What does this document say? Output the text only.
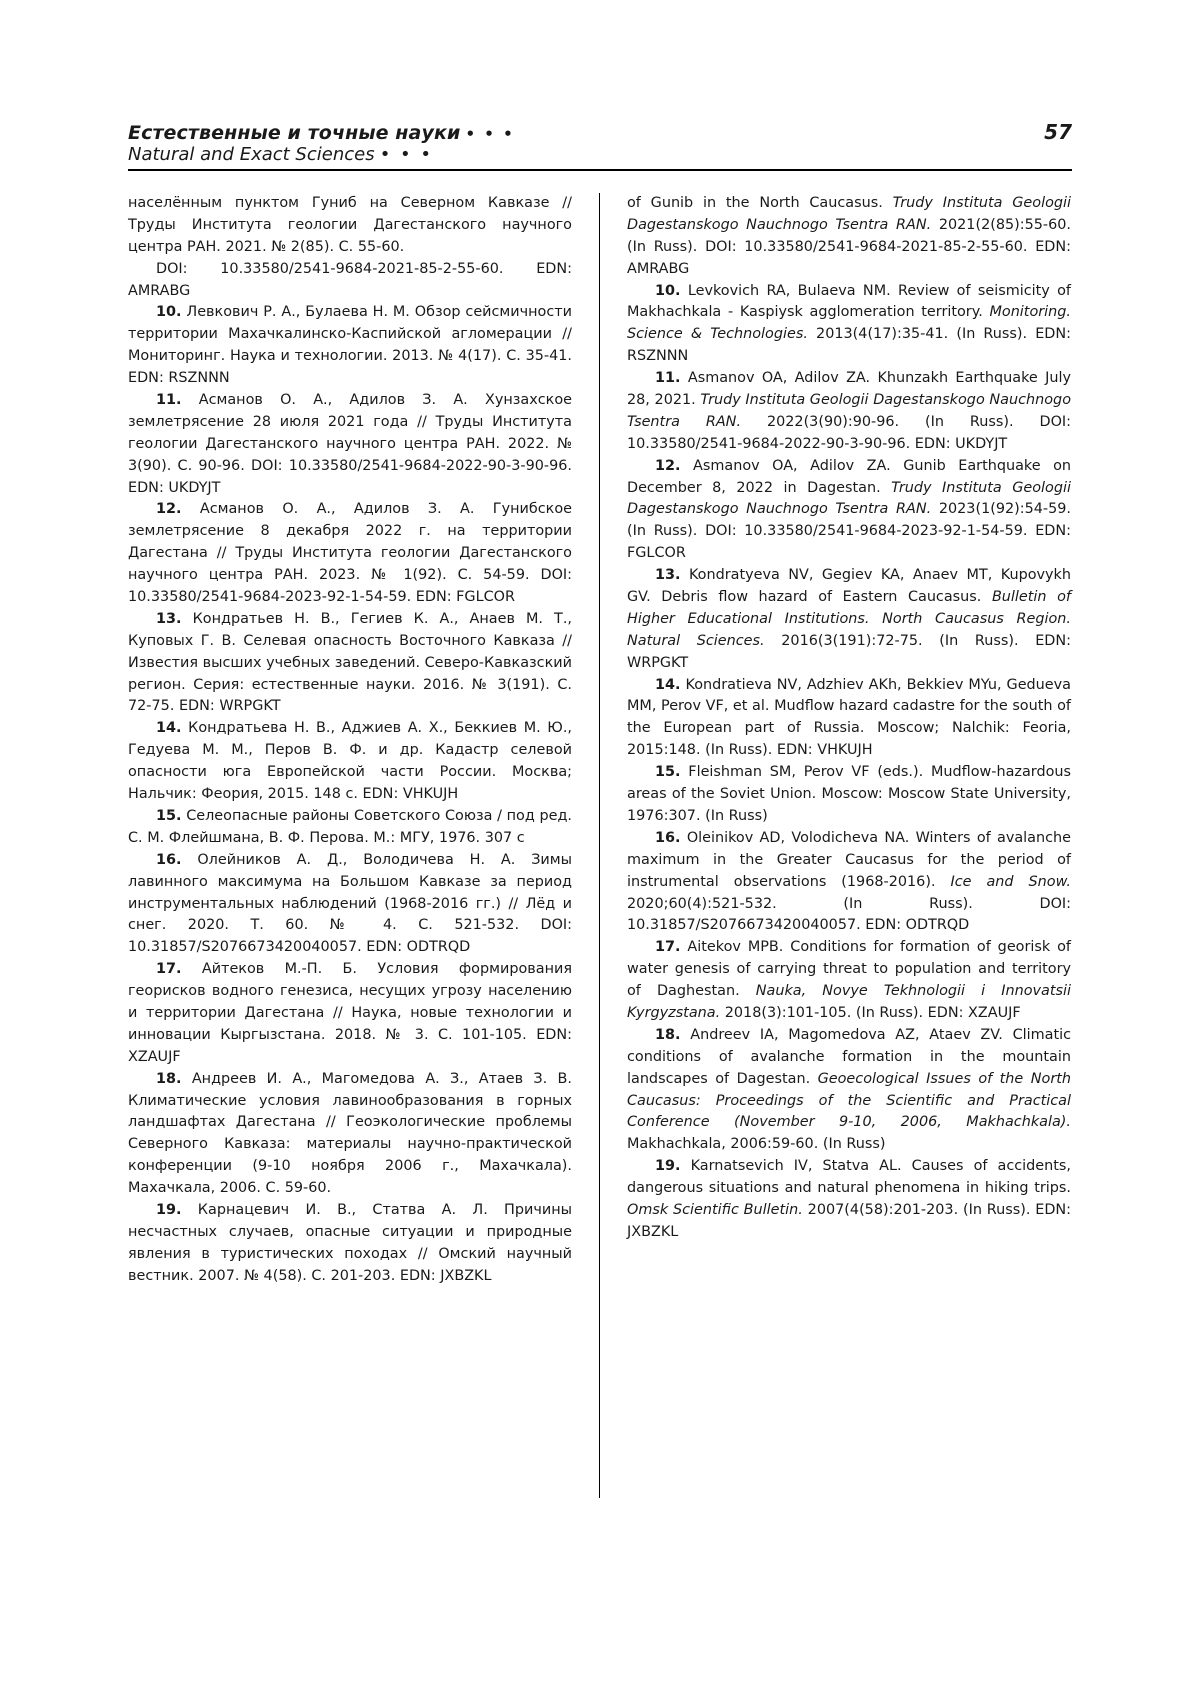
Естественные и точные науки • • •	57
Natural and Exact Sciences • • •

населённым пунктом Гуниб на Северном Кавказе // Труды Института геологии Дагестанского научного центра РАН. 2021. № 2(85). С. 55-60.

DOI: 10.33580/2541-9684-2021-85-2-55-60. EDN: AMRABG

10. Левкович Р. А., Булаева Н. М. Обзор сейсмичности территории Махачкалинско-Каспийской агломерации // Мониторинг. Наука и технологии. 2013. № 4(17). С. 35-41. EDN: RSZNNN

11. Асманов О. А., Адилов З. А. Хунзахское землетрясение 28 июля 2021 года // Труды Института геологии Дагестанского научного центра РАН. 2022. № 3(90). С. 90-96. DOI: 10.33580/2541-9684-2022-90-3-90-96. EDN: UKDYJT

12. Асманов О. А., Адилов З. А. Гунибское землетрясение 8 декабря 2022 г. на территории Дагестана // Труды Института геологии Дагестанского научного центра РАН. 2023. № 1(92). С. 54-59. DOI: 10.33580/2541-9684-2023-92-1-54-59. EDN: FGLCOR

13. Кондратьев Н. В., Гегиев К. А., Анаев М. Т., Куповых Г. В. Селевая опасность Восточного Кавказа // Известия высших учебных заведений. Северо-Кавказский регион. Серия: естественные науки. 2016. № 3(191). С. 72-75. EDN: WRPGKT

14. Кондратьева Н. В., Аджиев А. Х., Беккиев М. Ю., Гедуева М. М., Перов В. Ф. и др. Кадастр селевой опасности юга Европейской части России. Москва; Нальчик: Феория, 2015. 148 с. EDN: VHKUJH

15. Селеопасные районы Советского Союза / под ред. С. М. Флейшмана, В. Ф. Перова. М.: МГУ, 1976. 307 с

16. Олейников А. Д., Володичева Н. А. Зимы лавинного максимума на Большом Кавказе за период инструментальных наблюдений (1968-2016 гг.) // Лёд и снег. 2020. Т. 60. № 4. С. 521-532. DOI: 10.31857/S2076673420040057. EDN: ODTRQD

17. Айтеков М.-П. Б. Условия формирования георисков водного генезиса, несущих угрозу населению и территории Дагестана // Наука, новые технологии и инновации Кыргызстана. 2018. № 3. С. 101-105. EDN: XZAUJF

18. Андреев И. А., Магомедова А. З., Атаев З. В. Климатические условия лавинообразования в горных ландшафтах Дагестана // Геоэкологические проблемы Северного Кавказа: материалы научно-практической конференции (9-10 ноября 2006 г., Махачкала). Махачкала, 2006. С. 59-60.

19. Карнацевич И. В., Статва А. Л. Причины несчастных случаев, опасные ситуации и природные явления в туристических походах // Омский научный вестник. 2007. № 4(58). С. 201-203. EDN: JXBZKL

of Gunib in the North Caucasus. Trudy Instituta Geologii Dagestanskogo Nauchnogo Tsentra RAN. 2021(2(85):55-60. (In Russ). DOI: 10.33580/2541-9684-2021-85-2-55-60. EDN: AMRABG

10. Levkovich RA, Bulaeva NM. Review of seismicity of Makhachkala - Kaspiysk agglomeration territory. Monitoring. Science & Technologies. 2013(4(17):35-41. (In Russ). EDN: RSZNNN

11. Asmanov OA, Adilov ZA. Khunzakh Earthquake July 28, 2021. Trudy Instituta Geologii Dagestanskogo Nauchnogo Tsentra RAN. 2022(3(90):90-96. (In Russ). DOI: 10.33580/2541-9684-2022-90-3-90-96. EDN: UKDYJT

12. Asmanov OA, Adilov ZA. Gunib Earthquake on December 8, 2022 in Dagestan. Trudy Instituta Geologii Dagestanskogo Nauchnogo Tsentra RAN. 2023(1(92):54-59. (In Russ). DOI: 10.33580/2541-9684-2023-92-1-54-59. EDN: FGLCOR

13. Kondratyeva NV, Gegiev KA, Anaev MT, Kupovykh GV. Debris flow hazard of Eastern Caucasus. Bulletin of Higher Educational Institutions. North Caucasus Region. Natural Sciences. 2016(3(191):72-75. (In Russ). EDN: WRPGKT

14. Kondratieva NV, Adzhiev AKh, Bekkiev MYu, Gedueva MM, Perov VF, et al. Mudflow hazard cadastre for the south of the European part of Russia. Moscow; Nalchik: Feoria, 2015:148. (In Russ). EDN: VHKUJH

15. Fleishman SM, Perov VF (eds.). Mudflow-hazardous areas of the Soviet Union. Moscow: Moscow State University, 1976:307. (In Russ)

16. Oleinikov AD, Volodicheva NA. Winters of avalanche maximum in the Greater Caucasus for the period of instrumental observations (1968-2016). Ice and Snow. 2020;60(4):521-532. (In Russ). DOI: 10.31857/S2076673420040057. EDN: ODTRQD

17. Aitekov MPB. Conditions for formation of georisk of water genesis of carrying threat to population and territory of Daghestan. Nauka, Novye Tekhnologii i Innovatsii Kyrgyzstana. 2018(3):101-105. (In Russ). EDN: XZAUJF

18. Andreev IA, Magomedova AZ, Ataev ZV. Climatic conditions of avalanche formation in the mountain landscapes of Dagestan. Geoecological Issues of the North Caucasus: Proceedings of the Scientific and Practical Conference (November 9-10, 2006, Makhachkala). Makhachkala, 2006:59-60. (In Russ)

19. Karnatsevich IV, Statva AL. Causes of accidents, dangerous situations and natural phenomena in hiking trips. Omsk Scientific Bulletin. 2007(4(58):201-203. (In Russ). EDN: JXBZKL
